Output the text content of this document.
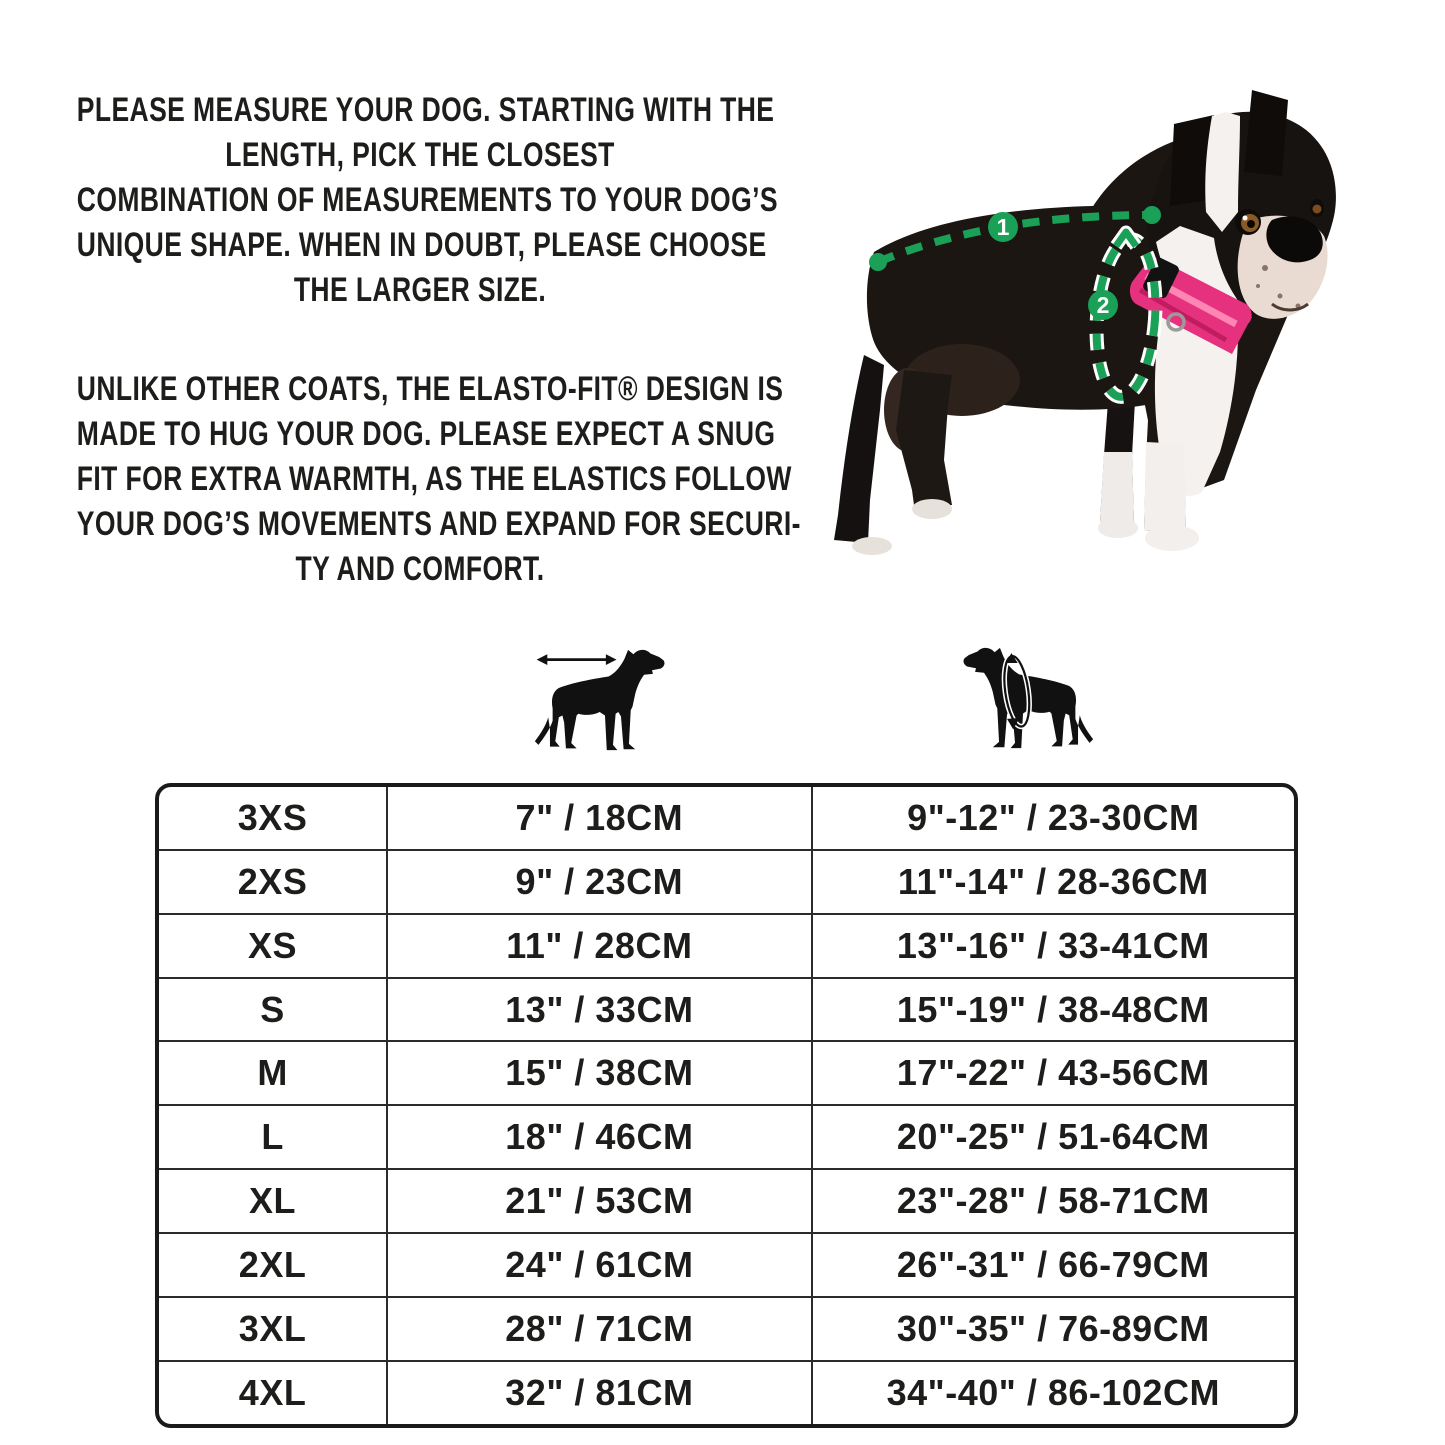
PLEASE MEASURE YOUR DOG. STARTING WITH THE
LENGTH, PICK THE CLOSEST
COMBINATION OF MEASUREMENTS TO YOUR DOG’S
UNIQUE SHAPE. WHEN IN DOUBT, PLEASE CHOOSE
THE LARGER SIZE.
UNLIKE OTHER COATS, THE ELASTO-FIT® DESIGN IS
MADE TO HUG YOUR DOG. PLEASE EXPECT A SNUG
FIT FOR EXTRA WARMTH, AS THE ELASTICS FOLLOW
YOUR DOG’S MOVEMENTS AND EXPAND FOR SECURI-
TY AND COMFORT.
1
2
3XS	7" / 18CM	9"-12" / 23-30CM
2XS	9" / 23CM	11"-14" / 28-36CM
XS	11" / 28CM	13"-16" / 33-41CM
S	13" / 33CM	15"-19" / 38-48CM
M	15" / 38CM	17"-22" / 43-56CM
L	18" / 46CM	20"-25" / 51-64CM
XL	21" / 53CM	23"-28" / 58-71CM
2XL	24" / 61CM	26"-31" / 66-79CM
3XL	28" / 71CM	30"-35" / 76-89CM
4XL	32" / 81CM	34"-40" / 86-102CM
